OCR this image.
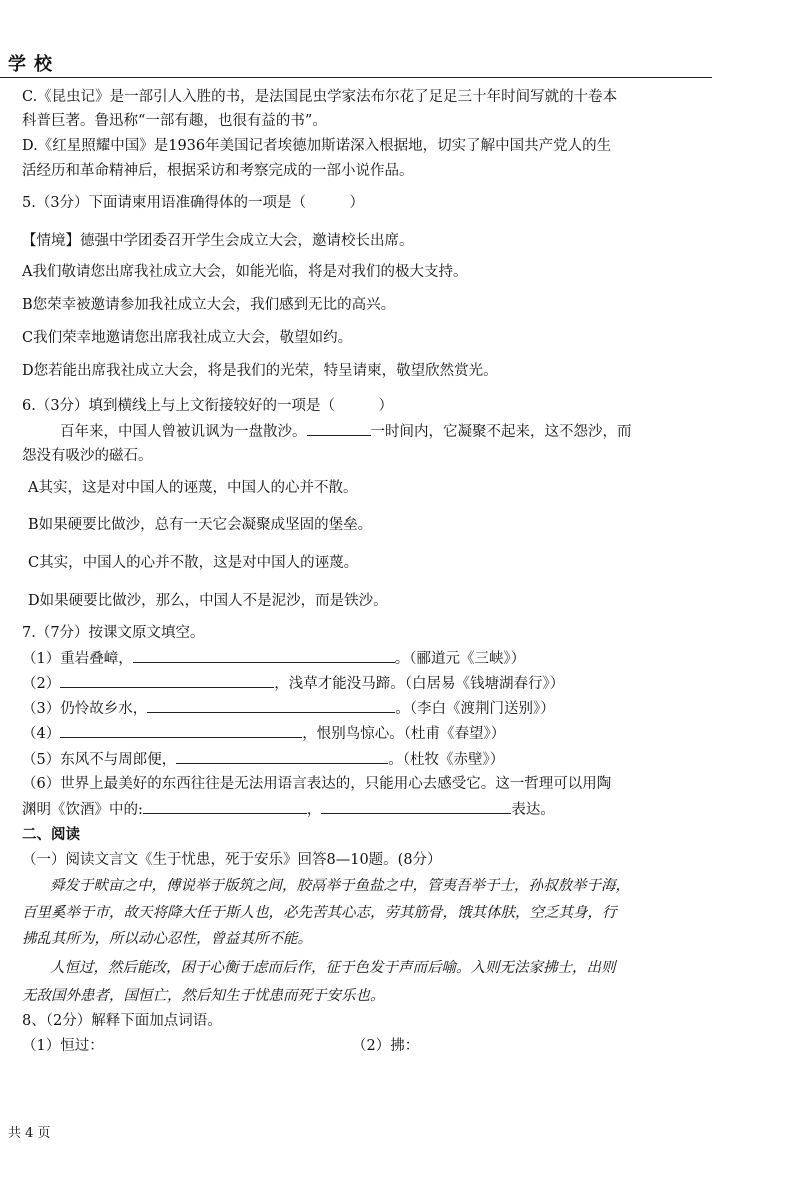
学校
C.《昆虫记》是一部引人入胜的书，是法国昆虫学家法布尔花了足足三十年时间写就的十卷本
科普巨著。鲁迅称“一部有趣，也很有益的书”。
D.《红星照耀中国》是1936年美国记者埃德加斯诺深入根据地，切实了解中国共产党人的生
活经历和革命精神后，根据采访和考察完成的一部小说作品。
5.（3分）下面请柬用语准确得体的一项是（　　　）
【情境】德强中学团委召开学生会成立大会，邀请校长出席。
A我们敬请您出席我社成立大会，如能光临，将是对我们的极大支持。
B您荣幸被邀请参加我社成立大会，我们感到无比的高兴。
C我们荣幸地邀请您出席我社成立大会，敬望如约。
D您若能出席我社成立大会，将是我们的光荣，特呈请柬，敬望欣然赏光。
6.（3分）填到横线上与上文衔接较好的一项是（　　　）
百年来，中国人曾被讥讽为一盘散沙。	一时间内，它凝聚不起来，这不怨沙，而
怨没有吸沙的磁石。
A其实，这是对中国人的诬蔑，中国人的心并不散。
B如果硬要比做沙，总有一天它会凝聚成坚固的堡垒。
C其实，中国人的心并不散，这是对中国人的诬蔑。
D如果硬要比做沙，那么，中国人不是泥沙，而是铁沙。
7.（7分）按课文原文填空。
（1）重岩叠嶂，	。（郦道元《三峡》）
（2）	，浅草才能没马蹄。（白居易《钱塘湖春行》）
（3）仍怜故乡水，	。（李白《渡荆门送别》）
（4）	，恨别鸟惊心。（杜甫《春望》）
（5）东风不与周郎便，	。（杜牧《赤壁》）
（6）世界上最美好的东西往往是无法用语言表达的，只能用心去感受它。这一哲理可以用陶
渊明《饮酒》中的:	，	表达。
二、阅读
（一）阅读文言文《生于忧患，死于安乐》回答8—10题。(8分）
舜发于畎亩之中，傅说举于版筑之间，胶鬲举于鱼盐之中，管夷吾举于士，孙叔敖举于海，
百里奚举于市，故天将降大任于斯人也，必先苦其心志，劳其筋骨，饿其体肤，空乏其身，行
拂乱其所为，所以动心忍性，曾益其所不能。
人恒过，然后能改，困于心衡于虑而后作，征于色发于声而后喻。入则无法家拂士，出则
无敌国外患者，国恒亡，然后知生于忧患而死于安乐也。
8、（2分）解释下面加点词语。
（1）恒过：	（2）拂：
共 4 页
